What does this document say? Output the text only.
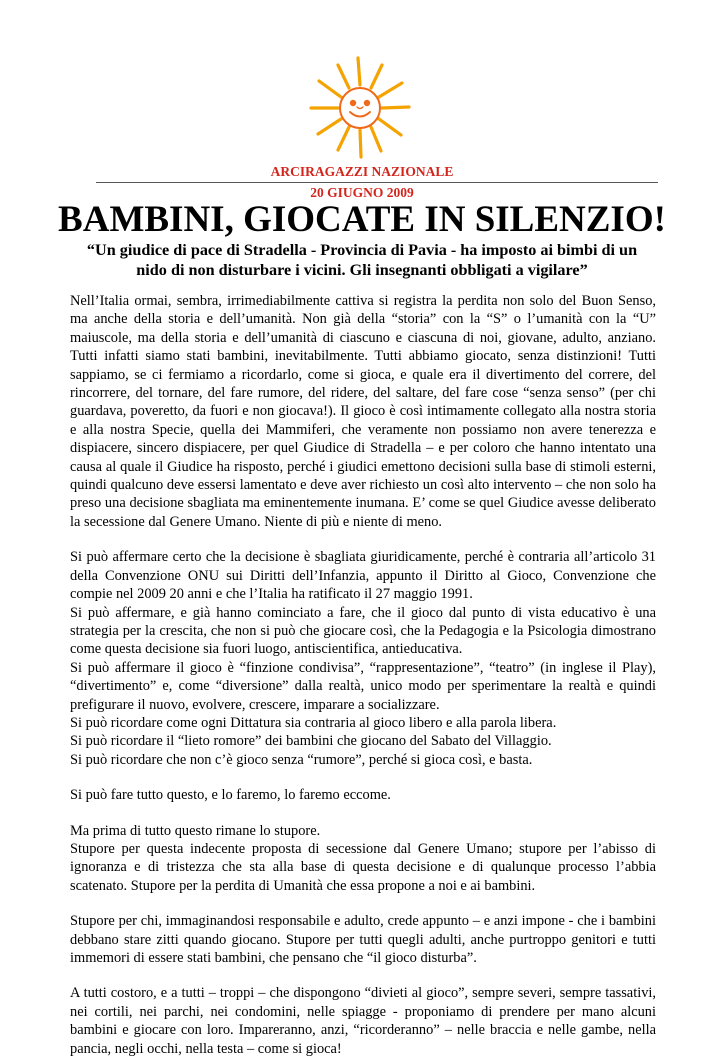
ARCIRAGAZZI NAZIONALE
20 GIUGNO 2009
BAMBINI, GIOCATE IN SILENZIO!
“Un giudice di pace di Stradella - Provincia di Pavia - ha imposto ai bimbi di un nido di non disturbare i vicini. Gli insegnanti obbligati a vigilare”

Nell’Italia ormai, sembra, irrimediabilmente cattiva si registra la perdita non solo del Buon Senso, ma anche della storia e dell’umanità. Non già della “storia” con la “S” o l’umanità con la “U” maiuscole, ma della storia e dell’umanità di ciascuno e ciascuna di noi, giovane, adulto, anziano. Tutti infatti siamo stati bambini, inevitabilmente. Tutti abbiamo giocato, senza distinzioni! Tutti sappiamo, se ci fermiamo a ricordarlo, come si gioca, e quale era il divertimento del correre, del rincorrere, del tornare, del fare rumore, del ridere, del saltare, del fare cose “senza senso” (per chi guardava, poveretto, da fuori e non giocava!). Il gioco è così intimamente collegato alla nostra storia e alla nostra Specie, quella dei Mammiferi, che veramente non possiamo non avere tenerezza e dispiacere, sincero dispiacere, per quel Giudice di Stradella – e per coloro che hanno intentato una causa al quale il Giudice ha risposto, perché i giudici emettono decisioni sulla base di stimoli esterni, quindi qualcuno deve essersi lamentato e deve aver richiesto un così alto intervento – che non solo ha preso una decisione sbagliata ma eminentemente inumana. E’ come se quel Giudice avesse deliberato la secessione dal Genere Umano. Niente di più e niente di meno.

Si può affermare certo che la decisione è sbagliata giuridicamente, perché è contraria all’articolo 31 della Convenzione ONU sui Diritti dell’Infanzia, appunto il Diritto al Gioco, Convenzione che compie nel 2009 20 anni e che l’Italia ha ratificato il 27 maggio 1991.

Si può affermare, e già hanno cominciato a fare, che il gioco dal punto di vista educativo è una strategia per la crescita, che non si può che giocare così, che la Pedagogia e la Psicologia dimostrano come questa decisione sia fuori luogo, antiscientifica, antieducativa.

Si può affermare il gioco è “finzione condivisa”, “rappresentazione”, “teatro” (in inglese il Play), “divertimento” e, come “diversione” dalla realtà, unico modo per sperimentare la realtà e quindi prefigurare il nuovo, evolvere, crescere, imparare a socializzare.

Si può ricordare come ogni Dittatura sia contraria al gioco libero e alla parola libera.

Si può ricordare il “lieto romore” dei bambini che giocano del Sabato del Villaggio.

Si può ricordare che non c’è gioco senza “rumore”, perché si gioca così, e basta.

Si può fare tutto questo, e lo faremo, lo faremo eccome.

Ma prima di tutto questo rimane lo stupore.

Stupore per questa indecente proposta di secessione dal Genere Umano; stupore per l’abisso di ignoranza e di tristezza che sta alla base di questa decisione e di qualunque processo l’abbia scatenato. Stupore per la perdita di Umanità che essa propone a noi e ai bambini.

Stupore per chi, immaginandosi responsabile e adulto, crede appunto – e anzi impone - che i bambini debbano stare zitti quando giocano. Stupore per tutti quegli adulti, anche purtroppo genitori e tutti immemori di essere stati bambini, che pensano che “il gioco disturba”.

A tutti costoro, e a tutti – troppi – che dispongono “divieti al gioco”, sempre severi, sempre tassativi, nei cortili, nei parchi, nei condomini, nelle spiagge - proponiamo di prendere per mano alcuni bambini e giocare con loro. Impareranno, anzi, “ricorderanno” – nelle braccia e nelle gambe, nella pancia, negli occhi, nella testa – come si gioca!
